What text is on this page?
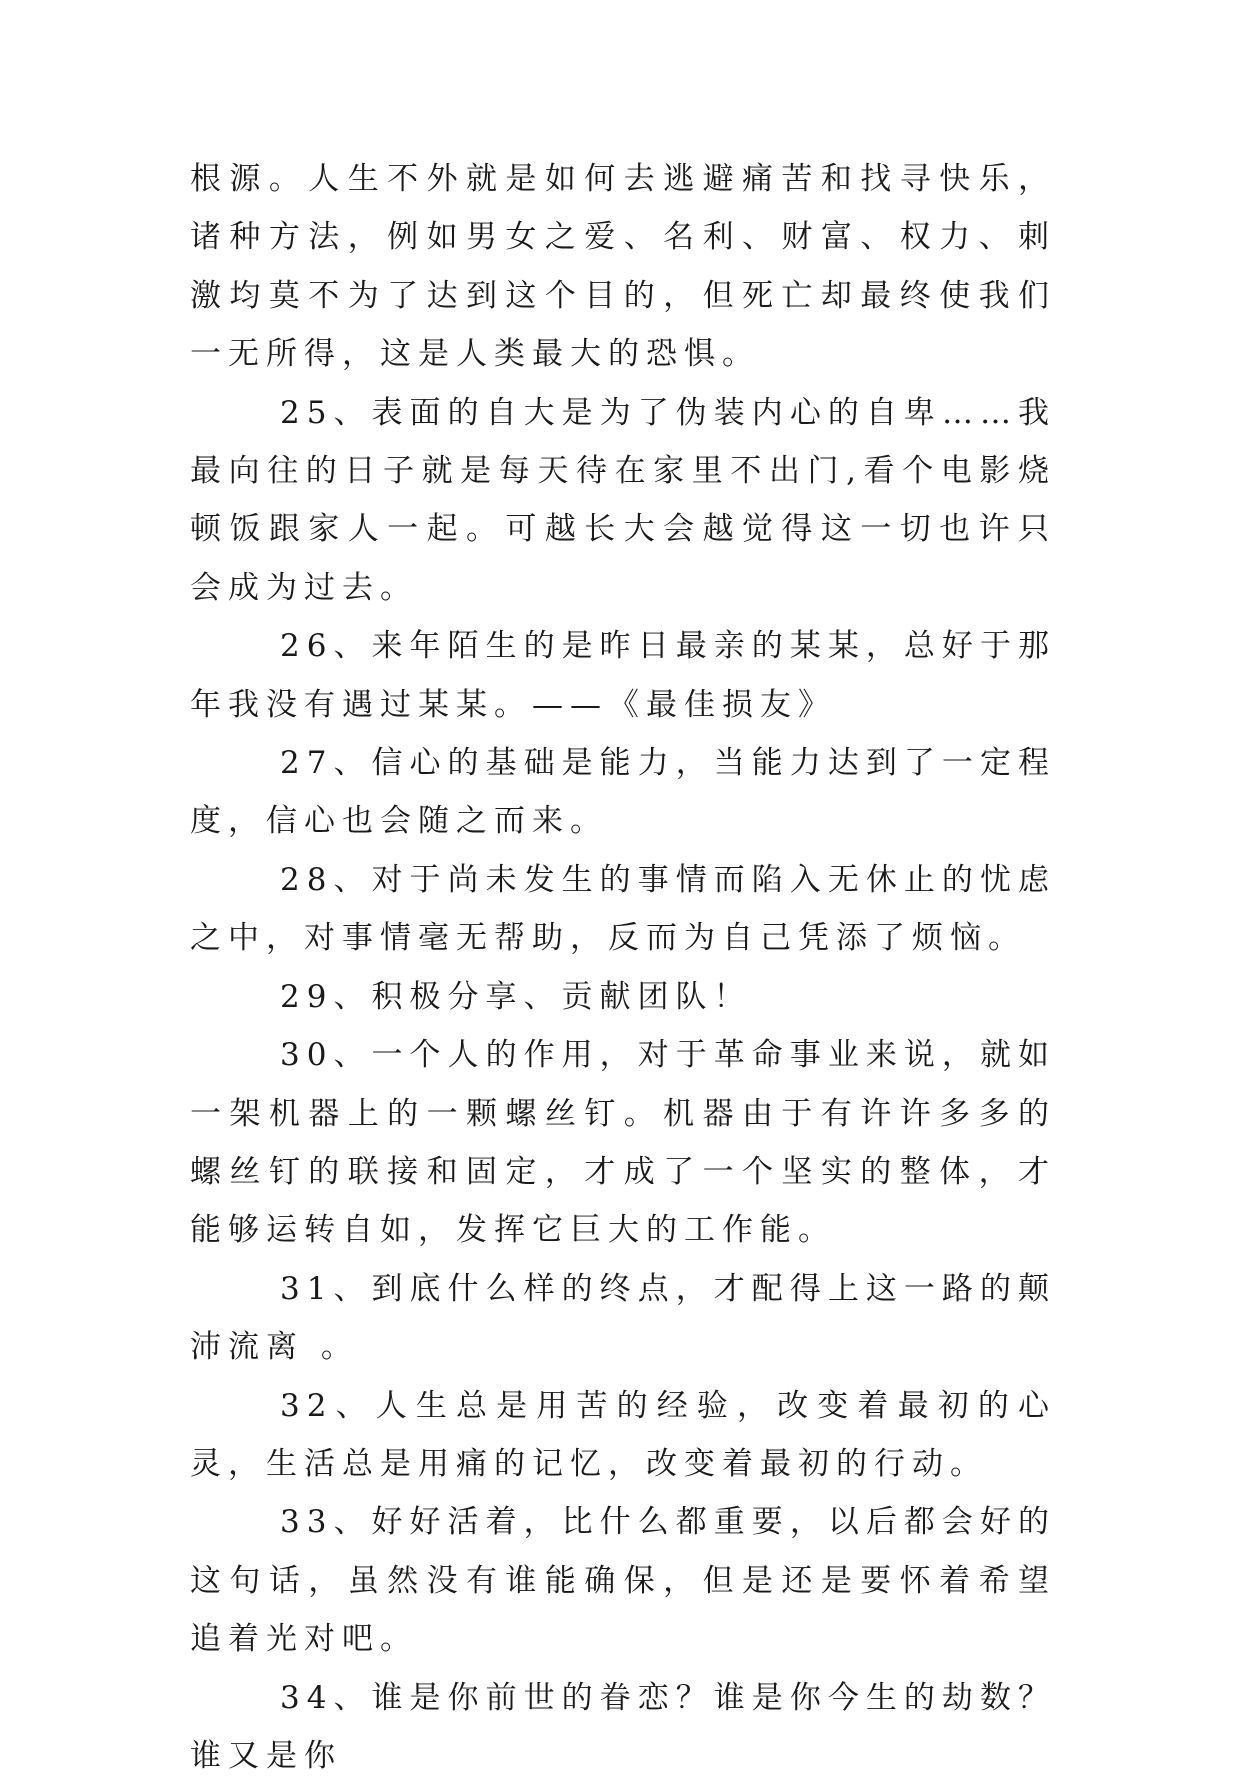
根源。人生不外就是如何去逃避痛苦和找寻快乐，诸种方法，例如男女之爱、名利、财富、权力、刺激均莫不为了达到这个目的，但死亡却最终使我们一无所得，这是人类最大的恐惧。

25、表面的自大是为了伪装内心的自卑……我最向往的日子就是每天待在家里不出门,看个电影烧顿饭跟家人一起。可越长大会越觉得这一切也许只会成为过去。

26、来年陌生的是昨日最亲的某某，总好于那年我没有遇过某某。——《最佳损友》

27、信心的基础是能力，当能力达到了一定程度，信心也会随之而来。

28、对于尚未发生的事情而陷入无休止的忧虑之中，对事情毫无帮助，反而为自己凭添了烦恼。

29、积极分享、贡献团队！

30、一个人的作用，对于革命事业来说，就如一架机器上的一颗螺丝钉。机器由于有许许多多的螺丝钉的联接和固定，才成了一个坚实的整体，才能够运转自如，发挥它巨大的工作能。

31、到底什么样的终点，才配得上这一路的颠沛流离 。

32、人生总是用苦的经验，改变着最初的心灵，生活总是用痛的记忆，改变着最初的行动。

33、好好活着，比什么都重要，以后都会好的这句话，虽然没有谁能确保，但是还是要怀着希望追着光对吧。

34、谁是你前世的眷恋？谁是你今生的劫数？谁又是你
